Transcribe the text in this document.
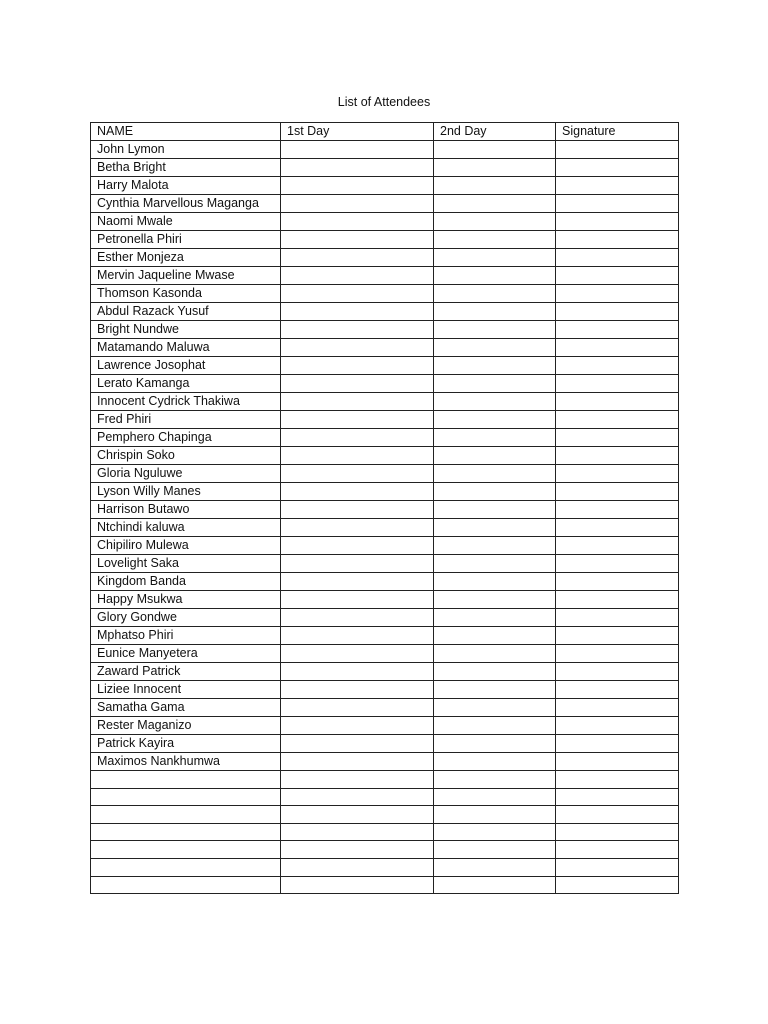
List of Attendees
NAME	1st Day	2nd Day	Signature
John Lymon			
Betha Bright			
Harry Malota			
Cynthia Marvellous Maganga			
Naomi Mwale			
Petronella Phiri			
Esther Monjeza			
Mervin Jaqueline Mwase			
Thomson Kasonda			
Abdul Razack Yusuf			
Bright Nundwe			
Matamando Maluwa			
Lawrence Josophat			
Lerato Kamanga			
Innocent Cydrick Thakiwa			
Fred Phiri			
Pemphero Chapinga			
Chrispin Soko			
Gloria Nguluwe			
Lyson Willy Manes			
Harrison Butawo			
Ntchindi kaluwa			
Chipiliro Mulewa			
Lovelight Saka			
Kingdom Banda			
Happy Msukwa			
Glory Gondwe			
Mphatso Phiri			
Eunice Manyetera			
Zaward Patrick			
Liziee Innocent			
Samatha Gama			
Rester Maganizo			
Patrick Kayira			
Maximos Nankhumwa			
